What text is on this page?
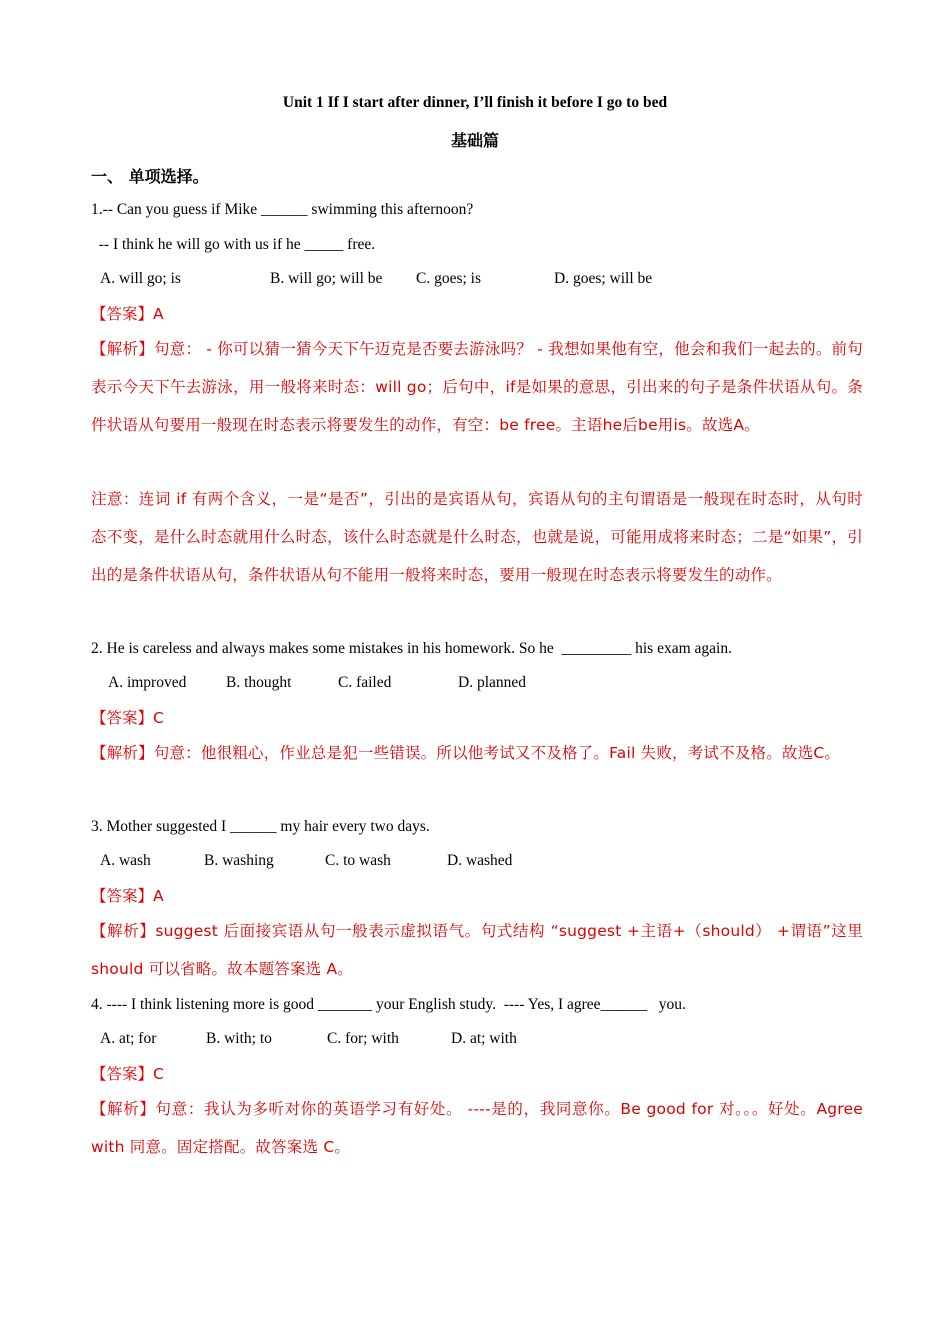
Unit 1 If I start after dinner, I’ll finish it before I go to bed
基础篇
一、 单项选择。
1.-- Can you guess if Mike ______ swimming this afternoon?
-- I think he will go with us if he _____ free.
A. will go; is	B. will go; will be C. goes; is	D. goes; will be
【答案】A
【解析】句意： - 你可以猜一猜今天下午迈克是否要去游泳吗？ - 我想如果他有空，他会和我们一起去的。前句表示今天下午去游泳，用一般将来时态：will go；后句中，if是如果的意思，引出来的句子是条件状语从句。条件状语从句要用一般现在时态表示将要发生的动作，有空：be free。主语he后be用is。故选A。
注意：连词 if 有两个含义，一是“是否”，引出的是宾语从句，宾语从句的主句谓语是一般现在时态时，从句时态不变，是什么时态就用什么时态，该什么时态就是什么时态，也就是说，可能用成将来时态；二是“如果”，引出的是条件状语从句，条件状语从句不能用一般将来时态，要用一般现在时态表示将要发生的动作。
2. He is careless and always makes some mistakes in his homework. So he  _________ his exam again.
A. improved	B. thought	C. failed	D. planned
【答案】C
【解析】句意：他很粗心，作业总是犯一些错误。所以他考试又不及格了。Fail 失败，考试不及格。故选C。
3. Mother suggested I ______ my hair every two days.
A. wash	B. washing	C. to wash	D. washed
【答案】A
【解析】suggest 后面接宾语从句一般表示虚拟语气。句式结构 “suggest +主语+（should） +谓语”这里should 可以省略。故本题答案选 A。
4. ---- I think listening more is good _______ your English study.  ---- Yes, I agree______   you.
A. at; for	B. with; to	C. for; with	D. at; with
【答案】C
【解析】句意：我认为多听对你的英语学习有好处。 ----是的，我同意你。Be good for 对。。。好处。Agree with 同意。固定搭配。故答案选 C。
